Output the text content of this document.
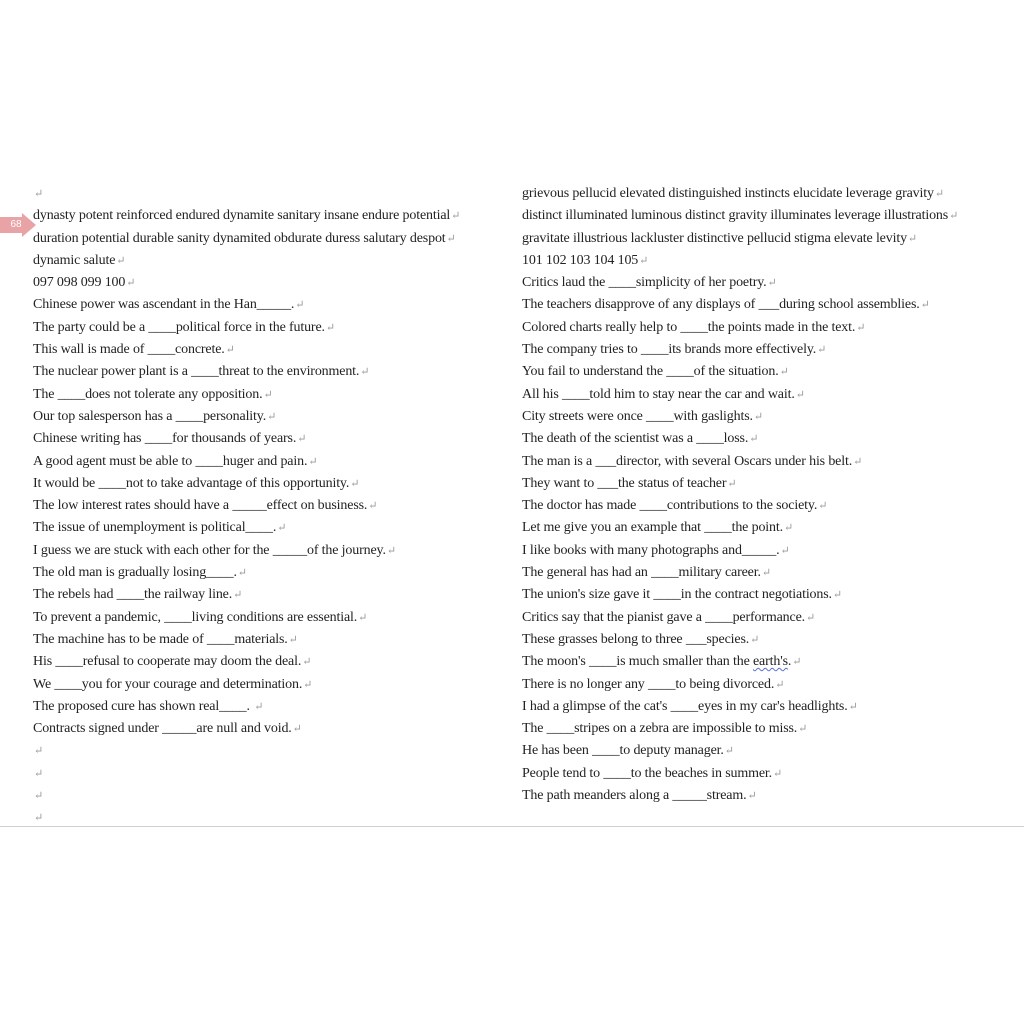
68
↵
dynasty potent reinforced endured dynamite sanitary insane endure potential↵
duration potential durable sanity dynamited obdurate duress salutary despot↵
dynamic salute↵
097 098 099 100↵
Chinese power was ascendant in the Han_____.↵
The party could be a ____political force in the future.↵
This wall is made of ____concrete.↵
The nuclear power plant is a ____threat to the environment.↵
The ____does not tolerate any opposition.↵
Our top salesperson has a ____personality.↵
Chinese writing has ____for thousands of years.↵
A good agent must be able to ____huger and pain.↵
It would be ____not to take advantage of this opportunity.↵
The low interest rates should have a _____effect on business.↵
The issue of unemployment is political____.↵
I guess we are stuck with each other for the _____of the journey.↵
The old man is gradually losing____.↵
The rebels had ____the railway line.↵
To prevent a pandemic, ____living conditions are essential.↵
The machine has to be made of ____materials.↵
His ____refusal to cooperate may doom the deal.↵
We ____you for your courage and determination.↵
The proposed cure has shown real____. ↵
Contracts signed under _____are null and void.↵
↵
↵
↵
↵
grievous pellucid elevated distinguished instincts elucidate leverage gravity↵
distinct illuminated luminous distinct gravity illuminates leverage illustrations↵
gravitate illustrious lackluster distinctive pellucid stigma elevate levity↵
101 102 103 104 105↵
Critics laud the ____simplicity of her poetry.↵
The teachers disapprove of any displays of ___during school assemblies.↵
Colored charts really help to ____the points made in the text.↵
The company tries to ____its brands more effectively.↵
You fail to understand the ____of the situation.↵
All his ____told him to stay near the car and wait.↵
City streets were once ____with gaslights.↵
The death of the scientist was a ____loss.↵
The man is a ___director, with several Oscars under his belt.↵
They want to ___the status of teacher↵
The doctor has made ____contributions to the society.↵
Let me give you an example that ____the point.↵
I like books with many photographs and_____.↵
The general has had an ____military career.↵
The union's size gave it ____in the contract negotiations.↵
Critics say that the pianist gave a ____performance.↵
These grasses belong to three ___species.↵
The moon's ____is much smaller than the earth's.↵
There is no longer any ____to being divorced.↵
I had a glimpse of the cat's ____eyes in my car's headlights.↵
The ____stripes on a zebra are impossible to miss.↵
He has been ____to deputy manager.↵
People tend to ____to the beaches in summer.↵
The path meanders along a _____stream.↵
